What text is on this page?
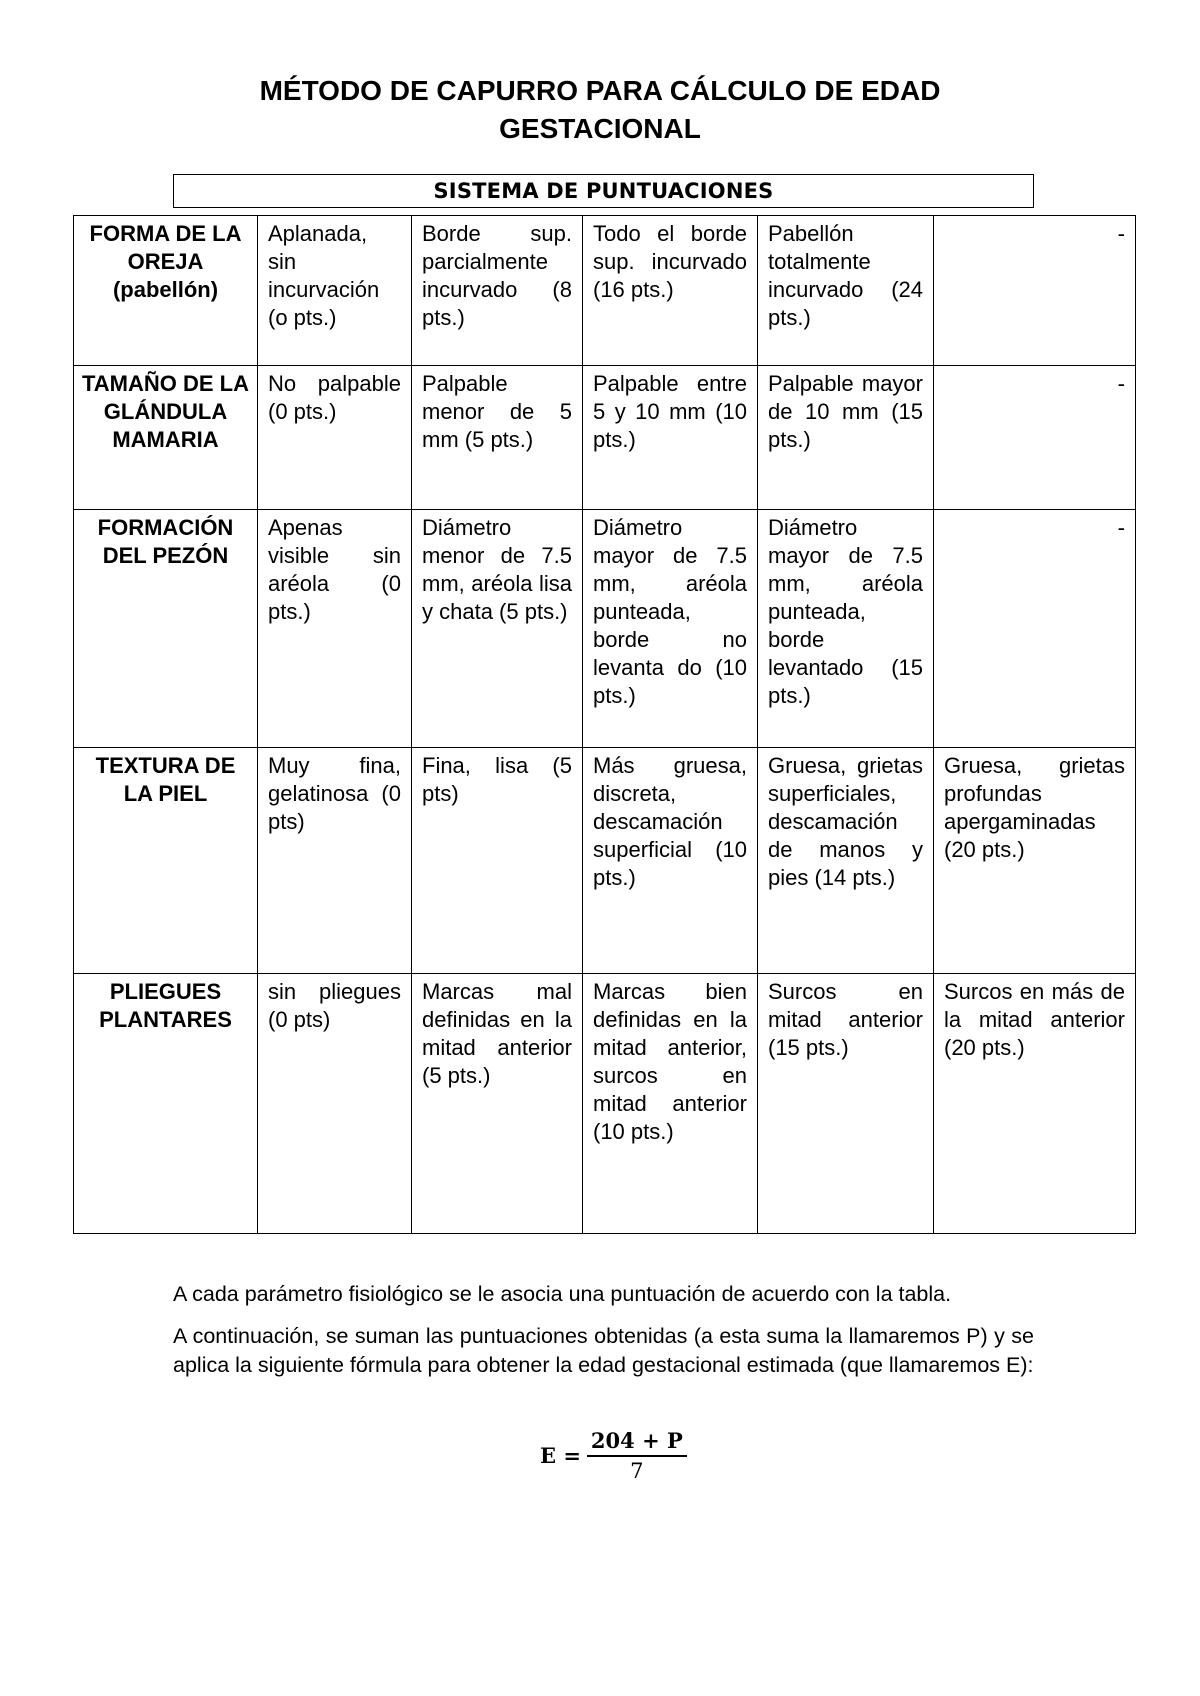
MÉTODO DE CAPURRO PARA CÁLCULO DE EDAD
GESTACIONAL
SISTEMA DE PUNTUACIONES
FORMA DE LA OREJA (pabellón)	Aplanada, sin incurvación (o pts.)	Borde sup. parcialmente incurvado (8 pts.)	Todo el borde sup. incurvado (16 pts.)	Pabellón totalmente incurvado (24 pts.)	-
TAMAÑO DE LA GLÁNDULA MAMARIA	No palpable (0 pts.)	Palpable menor de 5 mm (5 pts.)	Palpable entre 5 y 10 mm (10 pts.)	Palpable mayor de 10 mm (15 pts.)	-
FORMACIÓN DEL PEZÓN	Apenas visible sin aréola (0 pts.)	Diámetro menor de 7.5 mm, aréola lisa y chata (5 pts.)	Diámetro mayor de 7.5 mm, aréola punteada, borde no levanta do (10 pts.)	Diámetro mayor de 7.5 mm, aréola punteada, borde levantado (15 pts.)	-
TEXTURA DE LA PIEL	Muy fina, gelatinosa (0 pts)	Fina, lisa (5 pts)	Más gruesa, discreta, descamación superficial (10 pts.)	Gruesa, grietas superficiales, descamación de manos y pies (14 pts.)	Gruesa, grietas profundas apergaminadas (20 pts.)
PLIEGUES PLANTARES	sin pliegues (0 pts)	Marcas mal definidas en la mitad anterior (5 pts.)	Marcas bien definidas en la mitad anterior, surcos en mitad anterior (10 pts.)	Surcos en mitad anterior (15 pts.)	Surcos en más de la mitad anterior (20 pts.)
A cada parámetro fisiológico se le asocia una puntuación de acuerdo con la tabla.
A continuación, se suman las puntuaciones obtenidas (a esta suma la llamaremos P) y se aplica la siguiente fórmula para obtener la edad gestacional estimada (que llamaremos E):
$E = \frac{204 + P}{7}$
